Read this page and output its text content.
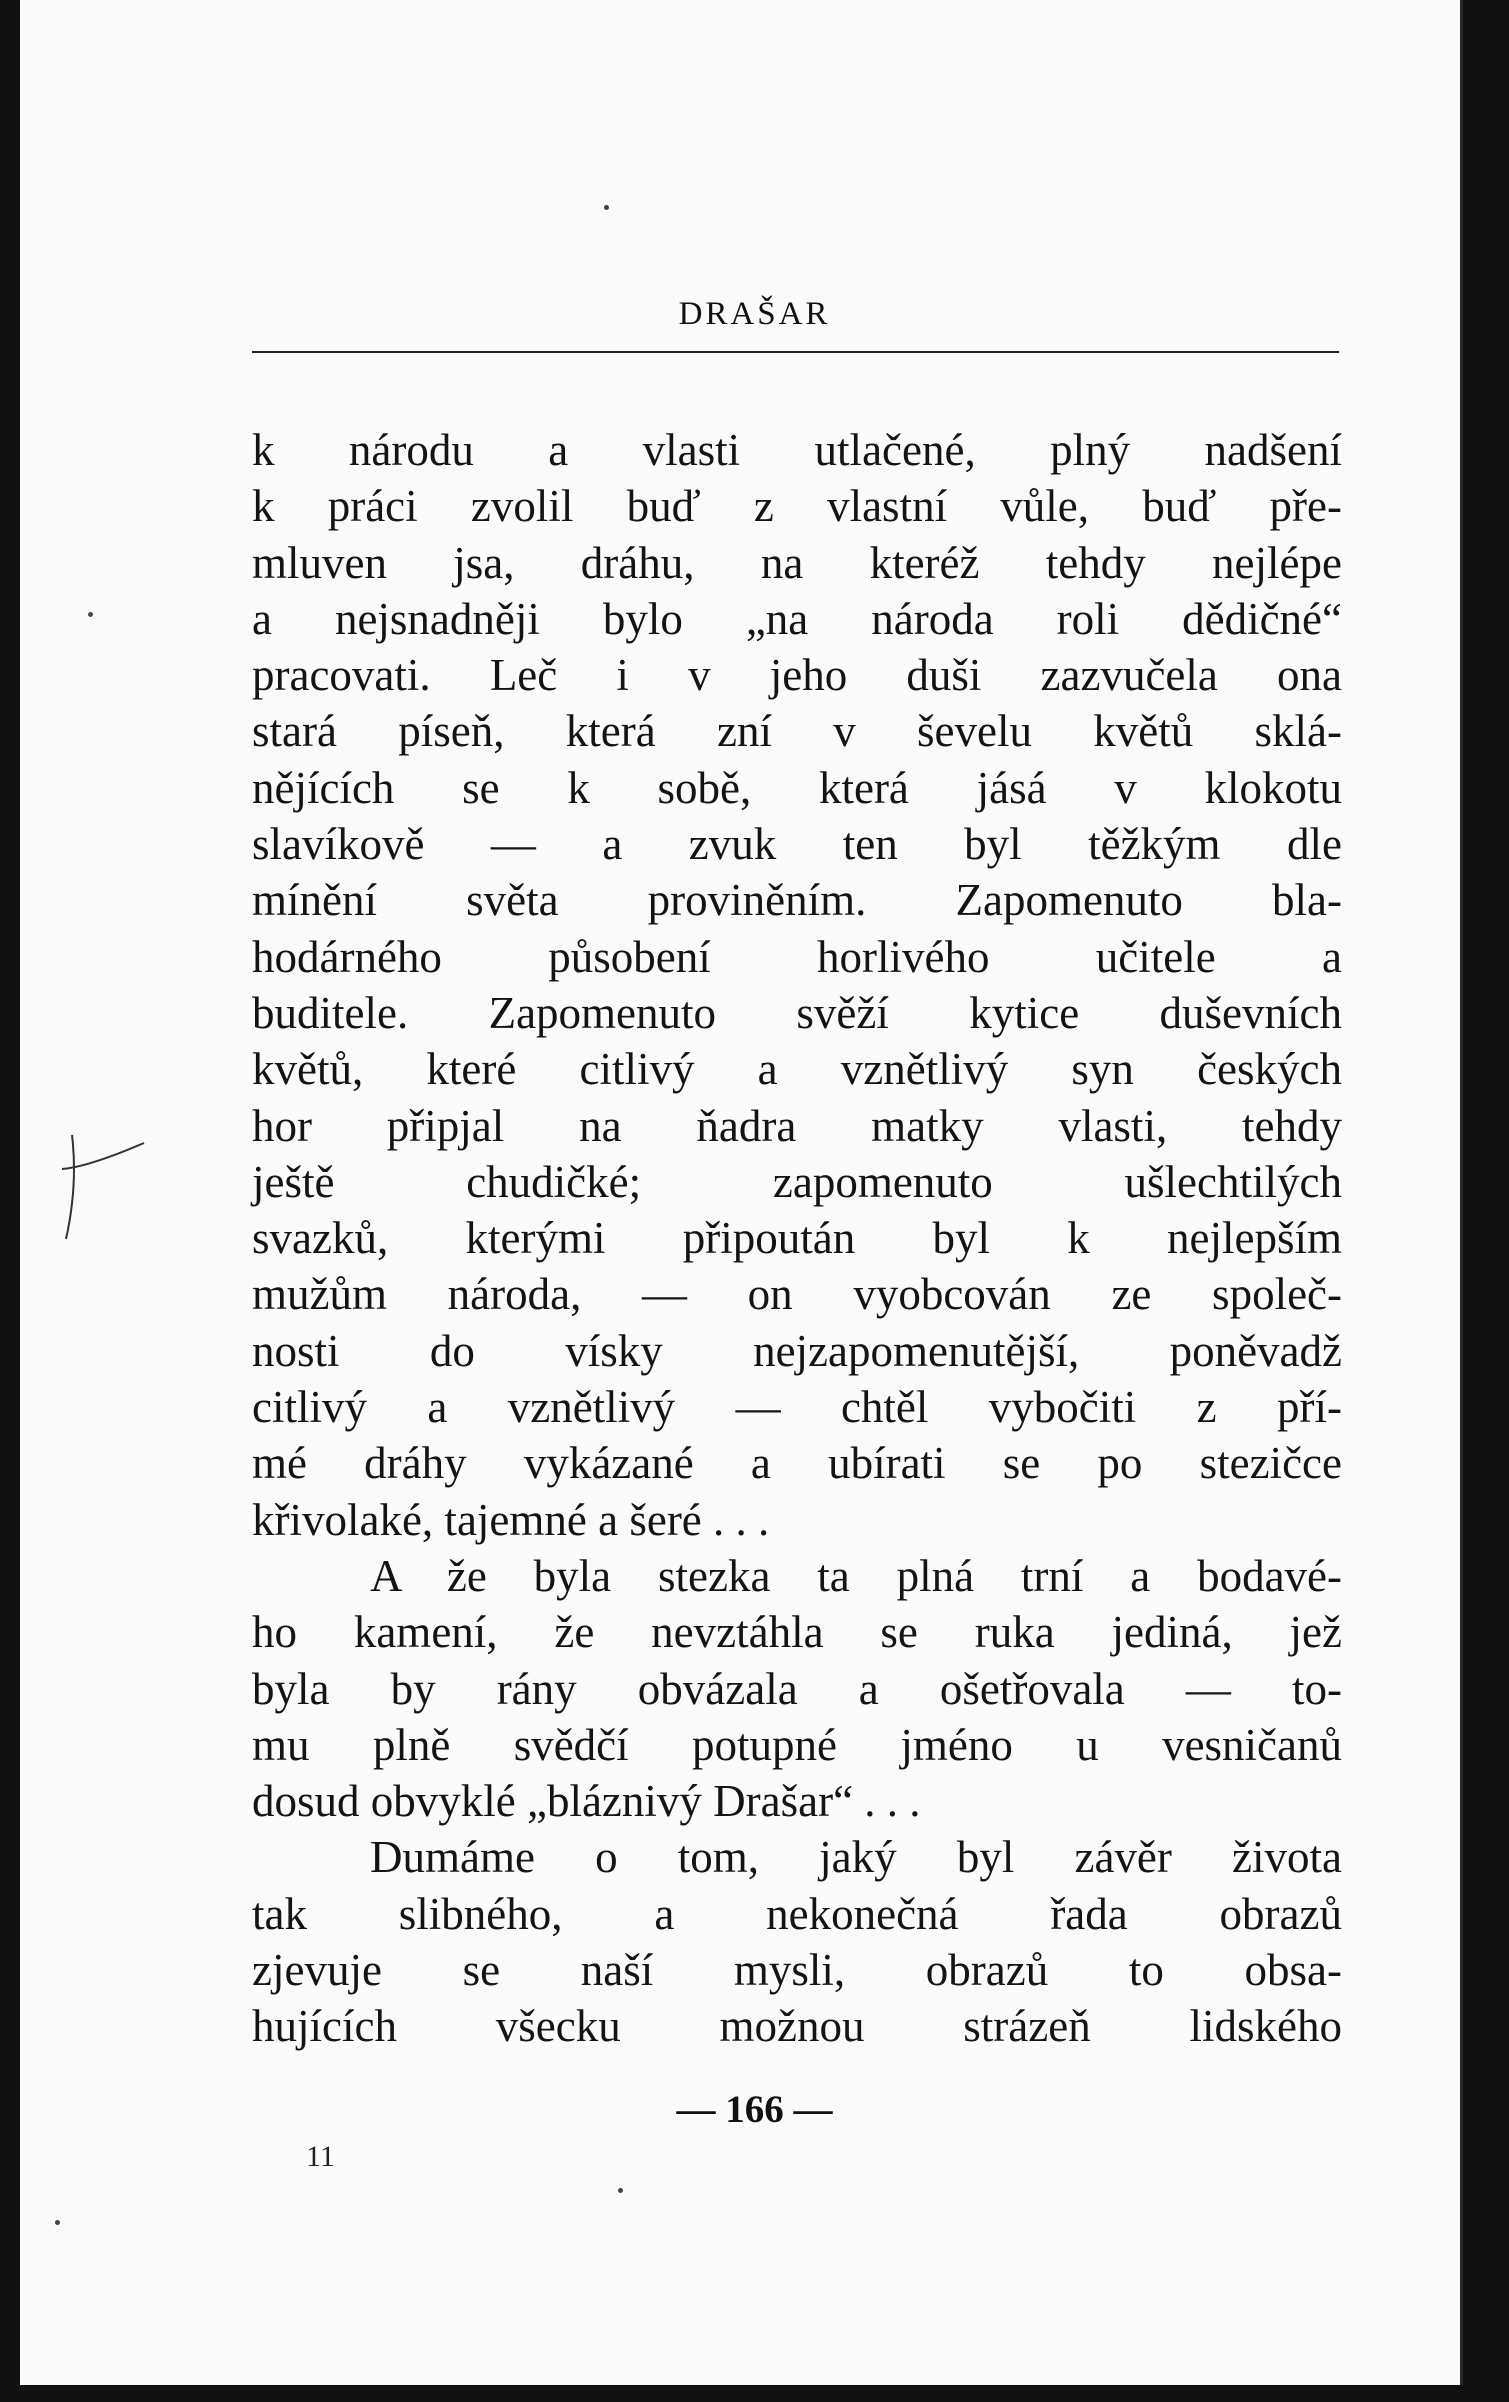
DRAŠAR
k národu a vlasti utlačené, plný nadšení
k práci zvolil buď z vlastní vůle, buď pře-
mluven jsa, dráhu, na kteréž tehdy nejlépe
a nejsnadněji bylo „na národa roli dědičné“
pracovati. Leč i v jeho duši zazvučela ona
stará píseň, která zní v ševelu květů sklá-
nějících se k sobě, která jásá v klokotu
slavíkově — a zvuk ten byl těžkým dle
mínění světa proviněním. Zapomenuto bla-
hodárného působení horlivého učitele a
buditele. Zapomenuto svěží kytice duševních
květů, které citlivý a vznětlivý syn českých
hor připjal na ňadra matky vlasti, tehdy
ještě chudičké; zapomenuto ušlechtilých
svazků, kterými připoután byl k nejlepším
mužům národa, — on vyobcován ze společ-
nosti do vísky nejzapomenutější, poněvadž
citlivý a vznětlivý — chtěl vybočiti z pří-
mé dráhy vykázané a ubírati se po stezičce
křivolaké, tajemné a šeré . . .
A že byla stezka ta plná trní a bodavé-
ho kamení, že nevztáhla se ruka jediná, jež
byla by rány obvázala a ošetřovala — to-
mu plně svědčí potupné jméno u vesničanů
dosud obvyklé „bláznivý Drašar“ . . .
Dumáme o tom, jaký byl závěr života
tak slibného, a nekonečná řada obrazů
zjevuje se naší mysli, obrazů to obsa-
hujících všecku možnou strázeň lidského
— 166 —
11
